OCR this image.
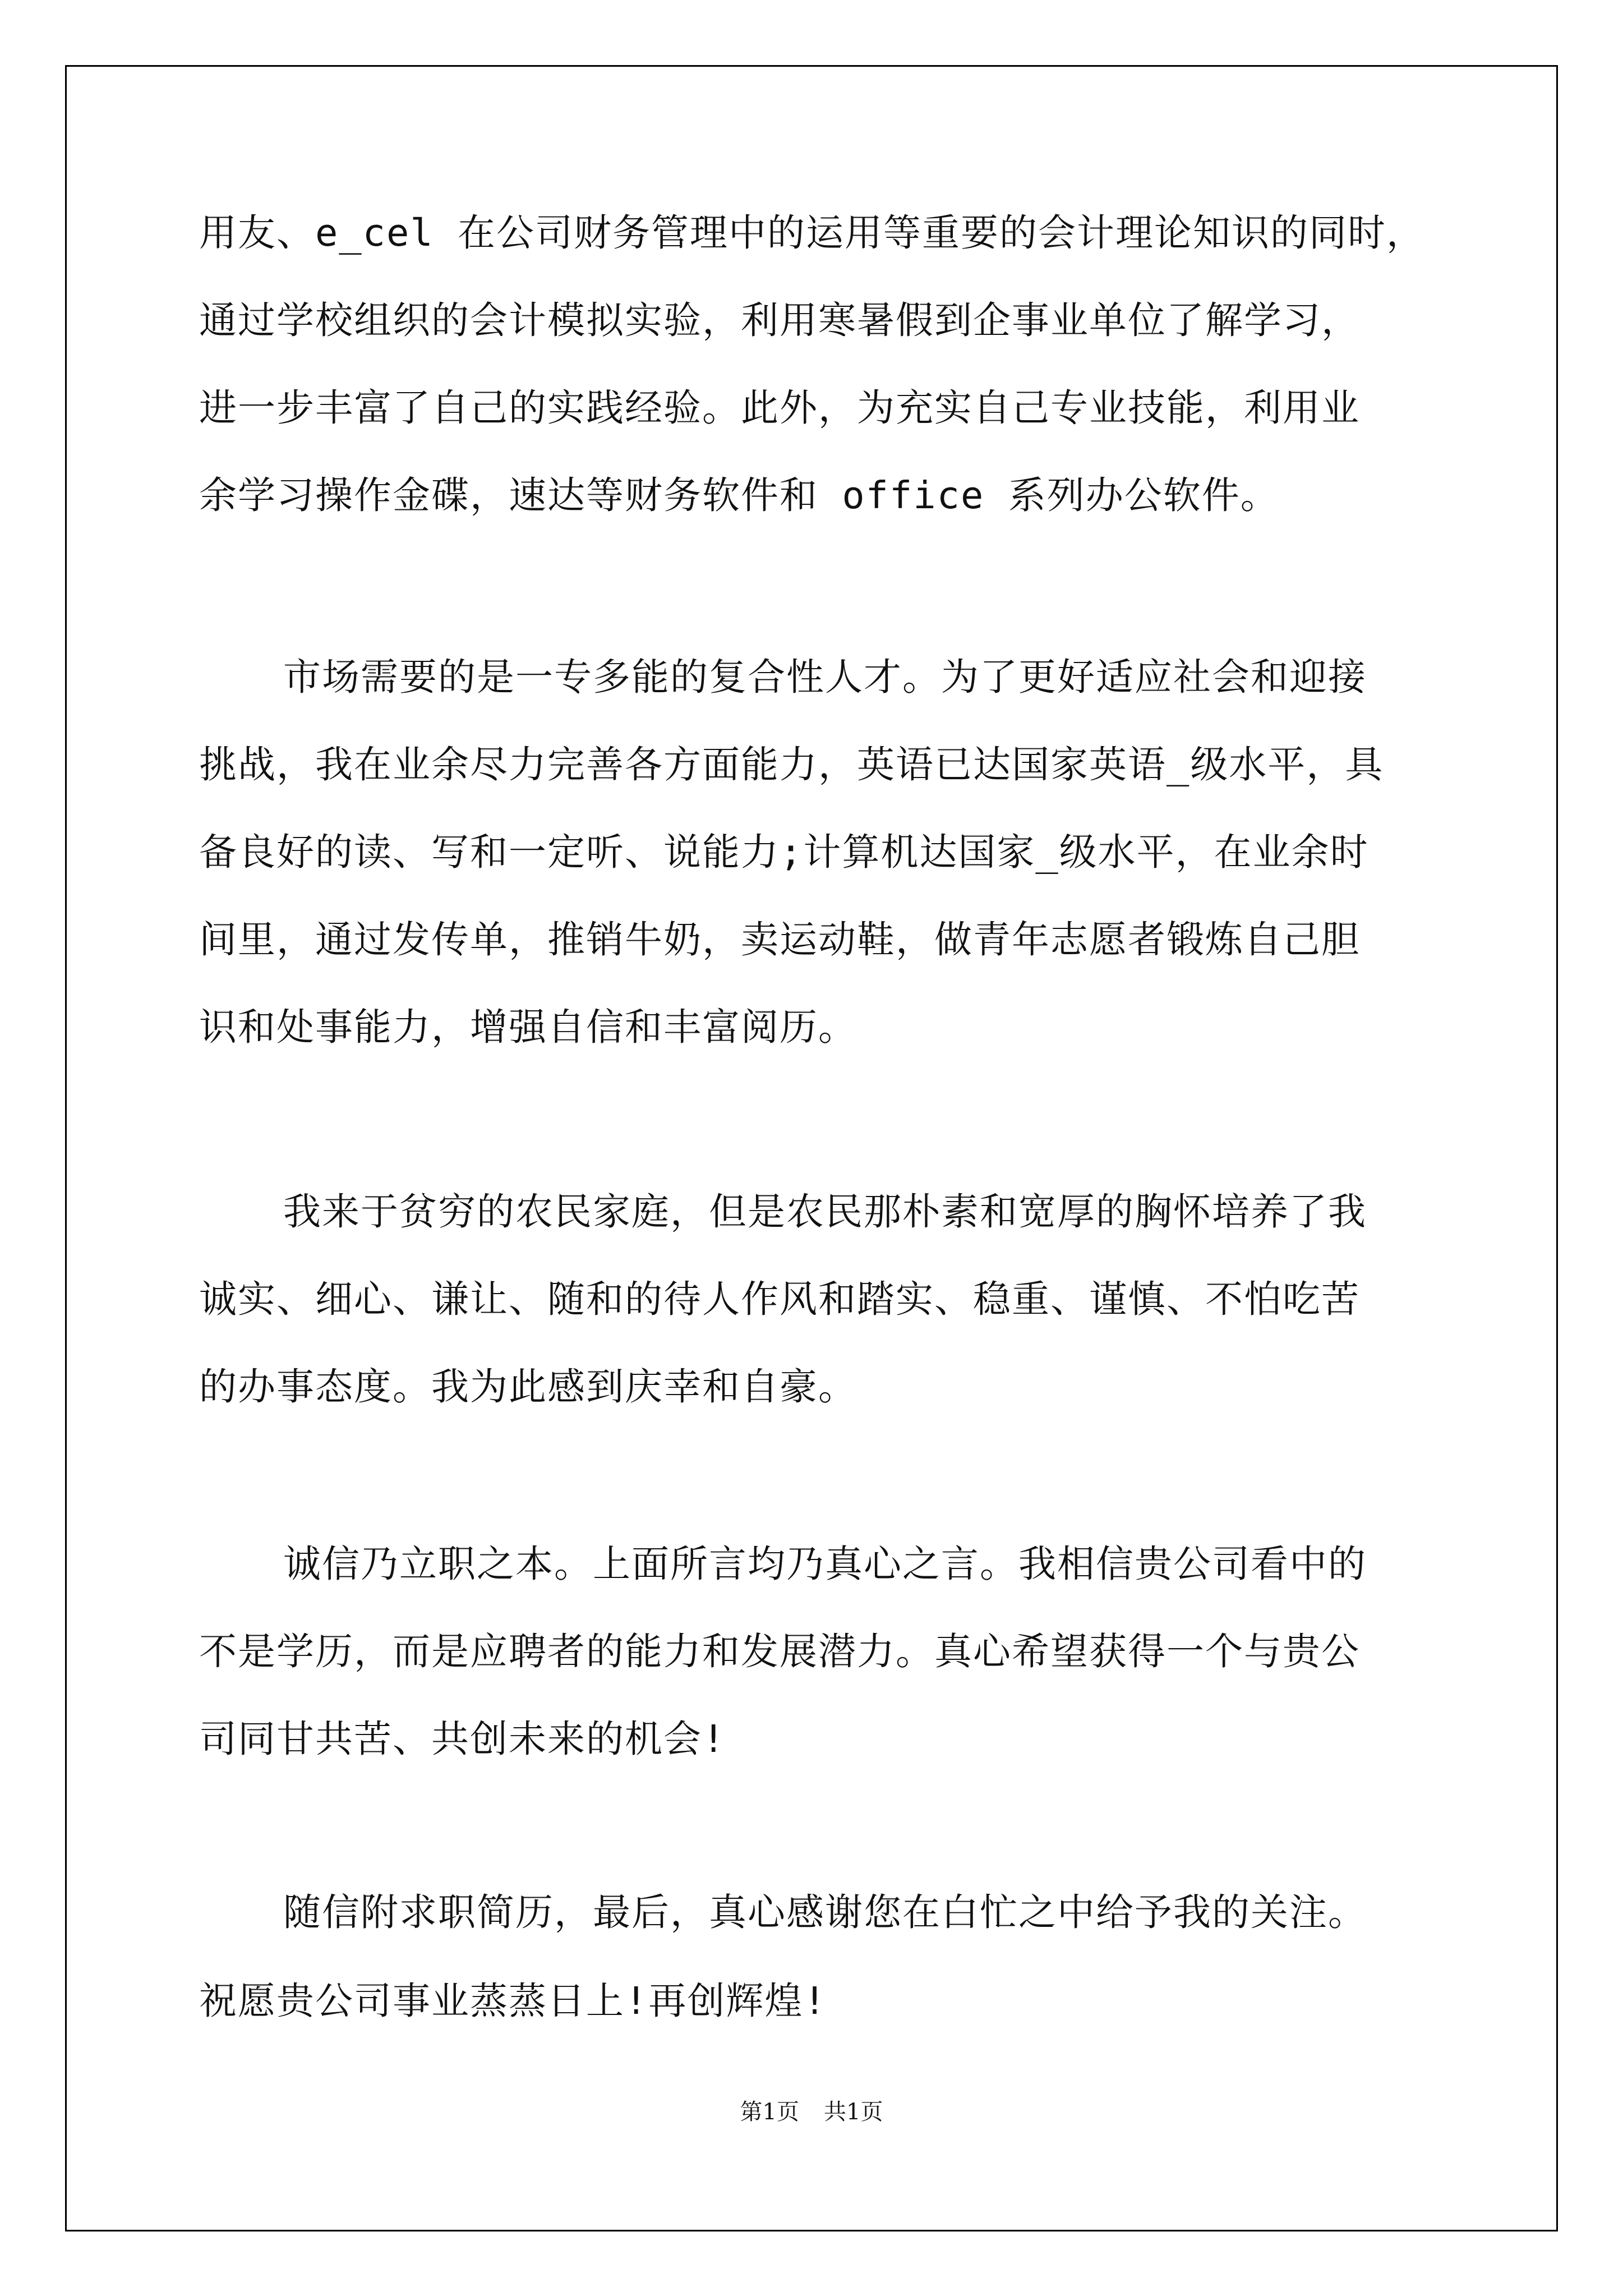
用友、e_cel 在公司财务管理中的运用等重要的会计理论知识的同时，
通过学校组织的会计模拟实验，利用寒暑假到企事业单位了解学习，
进一步丰富了自己的实践经验。此外，为充实自己专业技能，利用业
余学习操作金碟，速达等财务软件和 office 系列办公软件。
市场需要的是一专多能的复合性人才。为了更好适应社会和迎接
挑战，我在业余尽力完善各方面能力，英语已达国家英语_级水平，具
备良好的读、写和一定听、说能力;计算机达国家_级水平，在业余时
间里，通过发传单，推销牛奶，卖运动鞋，做青年志愿者锻炼自己胆
识和处事能力，增强自信和丰富阅历。
我来于贫穷的农民家庭，但是农民那朴素和宽厚的胸怀培养了我
诚实、细心、谦让、随和的待人作风和踏实、稳重、谨慎、不怕吃苦
的办事态度。我为此感到庆幸和自豪。
诚信乃立职之本。上面所言均乃真心之言。我相信贵公司看中的
不是学历，而是应聘者的能力和发展潜力。真心希望获得一个与贵公
司同甘共苦、共创未来的机会!
随信附求职简历，最后，真心感谢您在白忙之中给予我的关注。
祝愿贵公司事业蒸蒸日上!再创辉煌!
第1页 共1页
